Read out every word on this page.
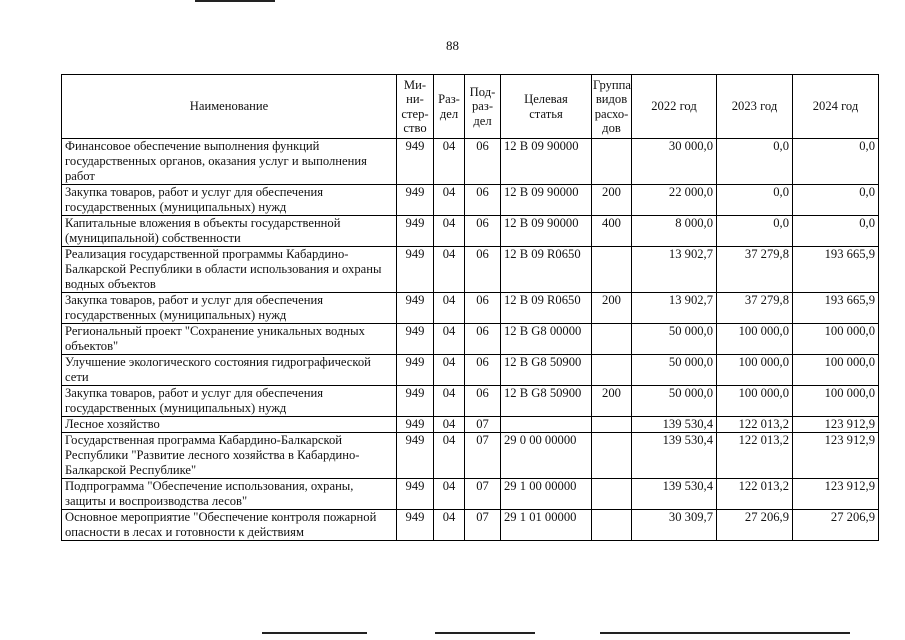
88
Наименование	Ми-
ни-
стер-
ство	Раз-
дел	Под-
раз-
дел	Целевая
статья	Группа
видов
расхо-
дов	2022 год	2023 год	2024 год
Финансовое обеспечение выполнения функций государственных органов, оказания услуг и выполнения работ	949	04	06	12 В 09 90000		30 000,0	0,0	0,0
Закупка товаров, работ и услуг для обеспечения государственных (муниципальных) нужд	949	04	06	12 В 09 90000	200	22 000,0	0,0	0,0
Капитальные вложения в объекты государственной (муниципальной) собственности	949	04	06	12 В 09 90000	400	8 000,0	0,0	0,0
Реализация государственной программы Кабардино-Балкарской Республики в области использования и охраны водных объектов	949	04	06	12 В 09 R0650		13 902,7	37 279,8	193 665,9
Закупка товаров, работ и услуг для обеспечения государственных (муниципальных) нужд	949	04	06	12 В 09 R0650	200	13 902,7	37 279,8	193 665,9
Региональный проект "Сохранение уникальных водных объектов"	949	04	06	12 В G8 00000		50 000,0	100 000,0	100 000,0
Улучшение экологического состояния гидрографической сети	949	04	06	12 В G8 50900		50 000,0	100 000,0	100 000,0
Закупка товаров, работ и услуг для обеспечения государственных (муниципальных) нужд	949	04	06	12 В G8 50900	200	50 000,0	100 000,0	100 000,0
Лесное хозяйство	949	04	07			139 530,4	122 013,2	123 912,9
Государственная программа Кабардино-Балкарской Республики "Развитие лесного хозяйства в Кабардино-Балкарской Республике"	949	04	07	29 0 00 00000		139 530,4	122 013,2	123 912,9
Подпрограмма "Обеспечение использования, охраны, защиты и воспроизводства лесов"	949	04	07	29 1 00 00000		139 530,4	122 013,2	123 912,9
Основное мероприятие "Обеспечение контроля пожарной опасности в лесах и готовности к действиям	949	04	07	29 1 01 00000		30 309,7	27 206,9	27 206,9
